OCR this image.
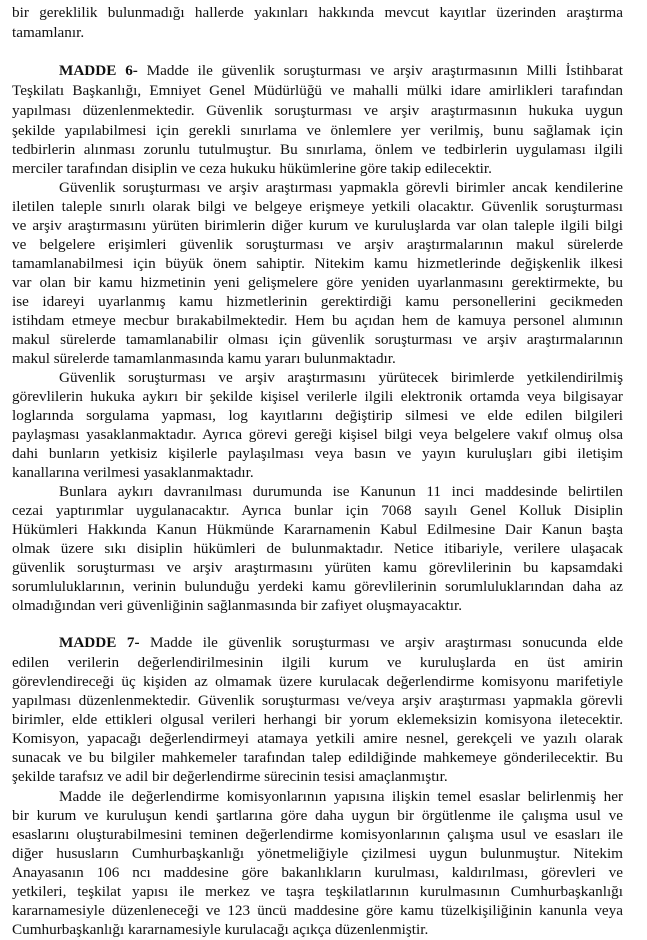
bir gereklilik bulunmadığı hallerde yakınları hakkında mevcut kayıtlar üzerinden araştırma
tamamlanır.
MADDE 6- Madde ile güvenlik soruşturması ve arşiv araştırmasının Milli İstihbarat
Teşkilatı Başkanlığı, Emniyet Genel Müdürlüğü ve mahalli mülki idare amirlikleri tarafından
yapılması düzenlenmektedir. Güvenlik soruşturması ve arşiv araştırmasının hukuka uygun
şekilde yapılabilmesi için gerekli sınırlama ve önlemlere yer verilmiş, bunu sağlamak için
tedbirlerin alınması zorunlu tutulmuştur. Bu sınırlama, önlem ve tedbirlerin uygulaması ilgili
merciler tarafından disiplin ve ceza hukuku hükümlerine göre takip edilecektir.
Güvenlik soruşturması ve arşiv araştırması yapmakla görevli birimler ancak kendilerine
iletilen taleple sınırlı olarak bilgi ve belgeye erişmeye yetkili olacaktır. Güvenlik soruşturması
ve arşiv araştırmasını yürüten birimlerin diğer kurum ve kuruluşlarda var olan taleple ilgili bilgi
ve belgelere erişimleri güvenlik soruşturması ve arşiv araştırmalarının makul sürelerde
tamamlanabilmesi için büyük önem sahiptir. Nitekim kamu hizmetlerinde değişkenlik ilkesi
var olan bir kamu hizmetinin yeni gelişmelere göre yeniden uyarlanmasını gerektirmekte, bu
ise idareyi uyarlanmış kamu hizmetlerinin gerektirdiği kamu personellerini gecikmeden
istihdam etmeye mecbur bırakabilmektedir. Hem bu açıdan hem de kamuya personel alımının
makul sürelerde tamamlanabilir olması için güvenlik soruşturması ve arşiv araştırmalarının
makul sürelerde tamamlanmasında kamu yararı bulunmaktadır.
Güvenlik soruşturması ve arşiv araştırmasını yürütecek birimlerde yetkilendirilmiş
görevlilerin hukuka aykırı bir şekilde kişisel verilerle ilgili elektronik ortamda veya bilgisayar
loglarında sorgulama yapması, log kayıtlarını değiştirip silmesi ve elde edilen bilgileri
paylaşması yasaklanmaktadır. Ayrıca görevi gereği kişisel bilgi veya belgelere vakıf olmuş olsa
dahi bunların yetkisiz kişilerle paylaşılması veya basın ve yayın kuruluşları gibi iletişim
kanallarına verilmesi yasaklanmaktadır.
Bunlara aykırı davranılması durumunda ise Kanunun 11 inci maddesinde belirtilen
cezai yaptırımlar uygulanacaktır. Ayrıca bunlar için 7068 sayılı Genel Kolluk Disiplin
Hükümleri Hakkında Kanun Hükmünde Kararnamenin Kabul Edilmesine Dair Kanun başta
olmak üzere sıkı disiplin hükümleri de bulunmaktadır. Netice itibariyle, verilere ulaşacak
güvenlik soruşturması ve arşiv araştırmasını yürüten kamu görevlilerinin bu kapsamdaki
sorumluluklarının, verinin bulunduğu yerdeki kamu görevlilerinin sorumluluklarından daha az
olmadığından veri güvenliğinin sağlanmasında bir zafiyet oluşmayacaktır.
MADDE 7- Madde ile güvenlik soruşturması ve arşiv araştırması sonucunda elde
edilen verilerin değerlendirilmesinin ilgili kurum ve kuruluşlarda en üst amirin
görevlendireceği üç kişiden az olmamak üzere kurulacak değerlendirme komisyonu marifetiyle
yapılması düzenlenmektedir. Güvenlik soruşturması ve/veya arşiv araştırması yapmakla görevli
birimler, elde ettikleri olgusal verileri herhangi bir yorum eklemeksizin komisyona iletecektir.
Komisyon, yapacağı değerlendirmeyi atamaya yetkili amire nesnel, gerekçeli ve yazılı olarak
sunacak ve bu bilgiler mahkemeler tarafından talep edildiğinde mahkemeye gönderilecektir. Bu
şekilde tarafsız ve adil bir değerlendirme sürecinin tesisi amaçlanmıştır.
Madde ile değerlendirme komisyonlarının yapısına ilişkin temel esaslar belirlenmiş her
bir kurum ve kuruluşun kendi şartlarına göre daha uygun bir örgütlenme ile çalışma usul ve
esaslarını oluşturabilmesini teminen değerlendirme komisyonlarının çalışma usul ve esasları ile
diğer hususların Cumhurbaşkanlığı yönetmeliğiyle çizilmesi uygun bulunmuştur. Nitekim
Anayasanın 106 ncı maddesine göre bakanlıkların kurulması, kaldırılması, görevleri ve
yetkileri, teşkilat yapısı ile merkez ve taşra teşkilatlarının kurulmasının Cumhurbaşkanlığı
kararnamesiyle düzenleneceği ve 123 üncü maddesine göre kamu tüzelkişiliğinin kanunla veya
Cumhurbaşkanlığı kararnamesiyle kurulacağı açıkça düzenlenmiştir.
